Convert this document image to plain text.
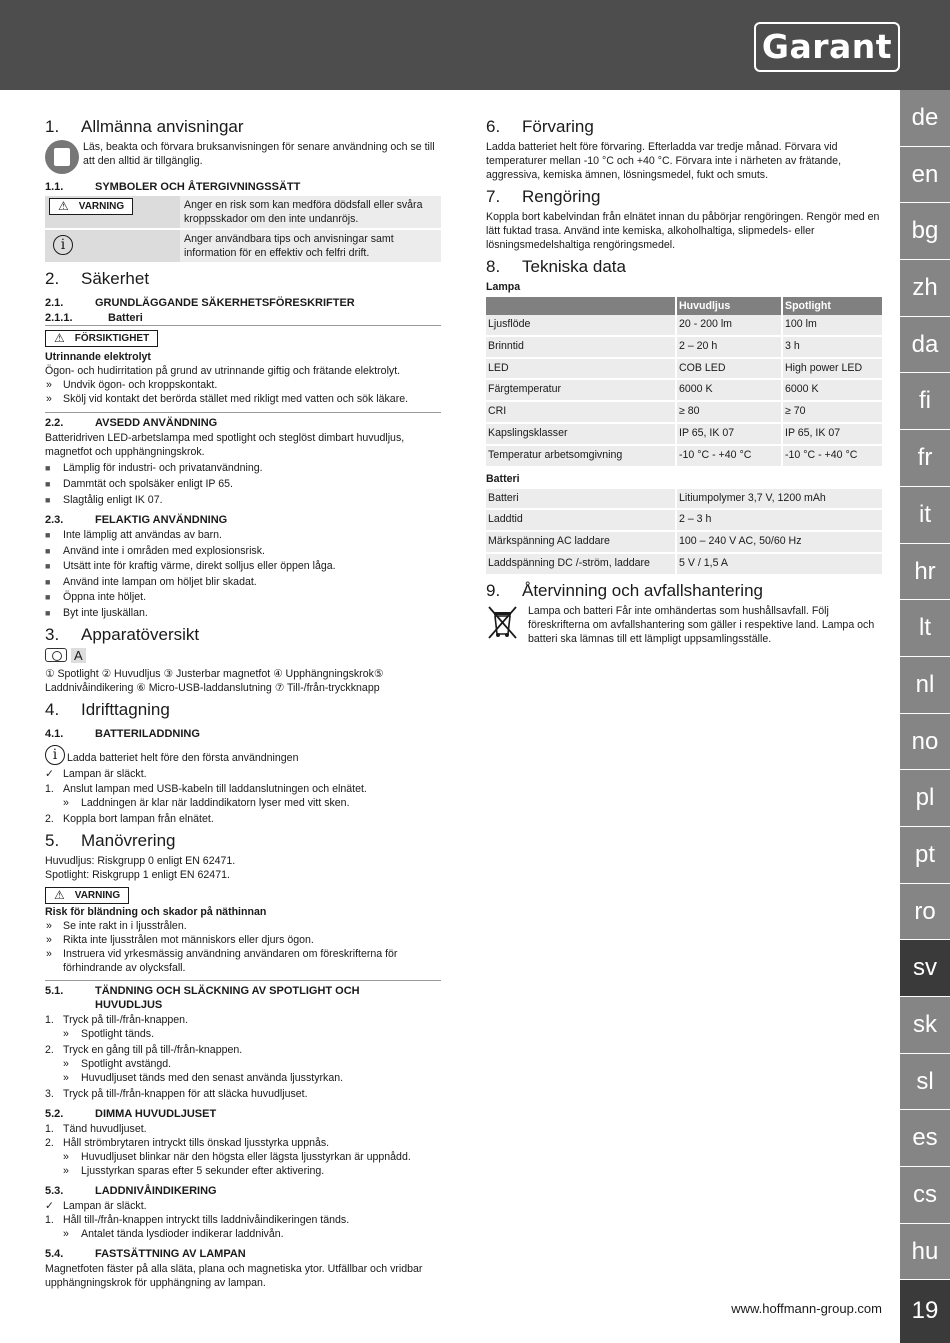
Garant
de
en
bg
zh
da
fi
fr
it
hr
lt
nl
no
pl
pt
ro
sv
sk
sl
es
cs
hu
19
www.hoffmann-group.com
1. Allmänna anvisningar

Läs, beakta och förvara bruksanvisningen för senare användning och se till att den alltid är tillgänglig.

1.1.	SYMBOLER OCH ÅTERGIVNINGSSÄTT
⚠ VARNING	Anger en risk som kan medföra dödsfall eller svåra kroppsskador om den inte undanröjs.
i	Anger användbara tips och anvisningar samt information för en effektiv och felfri drift.
2. Säkerhet
2.1.	GRUNDLÄGGANDE SÄKERHETSFÖRESKRIFTER
2.1.1.	Batteri
⚠ FÖRSIKTIGHET

Utrinnande elektrolyt

Ögon- och hudirritation på grund av utrinnande giftig och frätande elektrolyt.

» Undvik ögon- och kroppskontakt.
» Skölj vid kontakt det berörda stället med rikligt med vatten och sök läkare.
2.2.	AVSEDD ANVÄNDNING

Batteridriven LED-arbetslampa med spotlight och steglöst dimbart huvudljus, magnetfot och upphängningskrok.

■ Lämplig för industri- och privatanvändning.
■ Dammtät och spolsäker enligt IP 65.
■ Slagtålig enligt IK 07.
2.3.	FELAKTIG ANVÄNDNING
■ Inte lämplig att användas av barn.
■ Använd inte i områden med explosionsrisk.
■ Utsätt inte för kraftig värme, direkt solljus eller öppen låga.
■ Använd inte lampan om höljet blir skadat.
■ Öppna inte höljet.
■ Byt inte ljuskällan.
3. Apparatöversikt
A

① Spotlight ② Huvudljus ③ Justerbar magnetfot ④ Upphängningskrok⑤ Laddnivåindikering ⑥ Micro-USB-laddanslutning ⑦ Till-/från-tryckknapp

4. Idrifttagning
4.1.	BATTERILADDNING
i Ladda batteriet helt före den första användningen
✓ Lampan är släckt.
1. Anslut lampan med USB-kabeln till laddanslutningen och elnätet.
»	Laddningen är klar när laddindikatorn lyser med vitt sken.
2. Koppla bort lampan från elnätet.
5. Manövrering

Huvudljus: Riskgrupp 0 enligt EN 62471.

Spotlight: Riskgrupp 1 enligt EN 62471.

⚠ VARNING

Risk för bländning och skador på näthinnan

» Se inte rakt in i ljusstrålen.
» Rikta inte ljusstrålen mot människors eller djurs ögon.
» Instruera vid yrkesmässig användning användaren om föreskrifterna för förhindrande av olycksfall.
5.1.	TÄNDNING OCH SLÄCKNING AV SPOTLIGHT OCH HUVUDLJUS
1. Tryck på till-/från-knappen.
»	Spotlight tänds.
2. Tryck en gång till på till-/från-knappen.
»	Spotlight avstängd.
»	Huvudljuset tänds med den senast använda ljusstyrkan.
3. Tryck på till-/från-knappen för att släcka huvudljuset.
5.2.	DIMMA HUVUDLJUSET
1. Tänd huvudljuset.
2. Håll strömbrytaren intryckt tills önskad ljusstyrka uppnås.
»	Huvudljuset blinkar när den högsta eller lägsta ljusstyrkan är uppnådd.
»	Ljusstyrkan sparas efter 5 sekunder efter aktivering.
5.3.	LADDNIVÅINDIKERING
✓ Lampan är släckt.
1. Håll till-/från-knappen intryckt tills laddnivåindikeringen tänds.
»	Antalet tända lysdioder indikerar laddnivån.
5.4.	FASTSÄTTNING AV LAMPAN

Magnetfoten fäster på alla släta, plana och magnetiska ytor. Utfällbar och vridbar upphängningskrok för upphängning av lampan.

6. Förvaring

Ladda batteriet helt före förvaring. Efterladda var tredje månad. Förvara vid temperaturer mellan -10 °C och +40 °C. Förvara inte i närheten av frätande, aggressiva, kemiska ämnen, lösningsmedel, fukt och smuts.

7. Rengöring

Koppla bort kabelvindan från elnätet innan du påbörjar rengöringen. Rengör med en lätt fuktad trasa. Använd inte kemiska, alkoholhaltiga, slipmedels- eller lösningsmedelshaltiga rengöringsmedel.

8. Tekniska data

Lampa

	Huvudljus	Spotlight
Ljusflöde	20 - 200 lm	100 lm
Brinntid	2 – 20 h	3 h
LED	COB LED	High power LED
Färgtemperatur	6000 K	6000 K
CRI	≥ 80	≥ 70
Kapslingsklasser	IP 65, IK 07	IP 65, IK 07
Temperatur arbetsomgivning	-10 °C - +40 °C	-10 °C - +40 °C

Batteri

Batteri	Litiumpolymer 3,7 V, 1200 mAh
Laddtid	2 – 3 h
Märkspänning AC laddare	100 – 240 V AC, 50/60 Hz
Laddspänning DC /-ström, laddare	5 V / 1,5 A
9. Återvinning och avfallshantering

Lampa och batteri Får inte omhändertas som hushållsavfall. Följ föreskrifterna om avfallshantering som gäller i respektive land. Lampa och batteri ska lämnas till ett lämpligt uppsamlingsställe.
